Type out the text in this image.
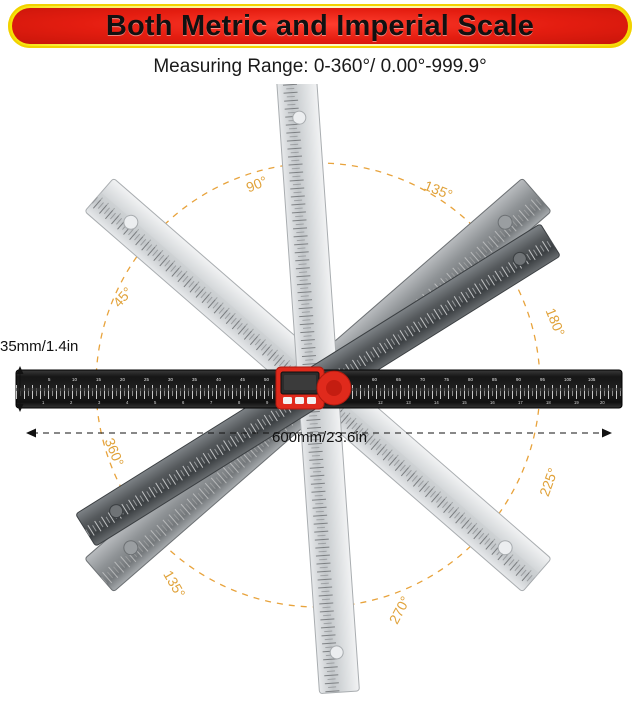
Both Metric and Imperial Scale
Measuring Range: 0-360°/ 0.00°-999.9°
5	10	15	20	25	30	35	40	45	50	60	65	70	75	80	85	90	95	100	105
1	2	3	4	5	6	7	8	9	12	13	14	15	16	17	18	19	20
35mm/1.4in
600mm/23.6in
45°
90°	135°
180°
225°
270°
135°
360°
